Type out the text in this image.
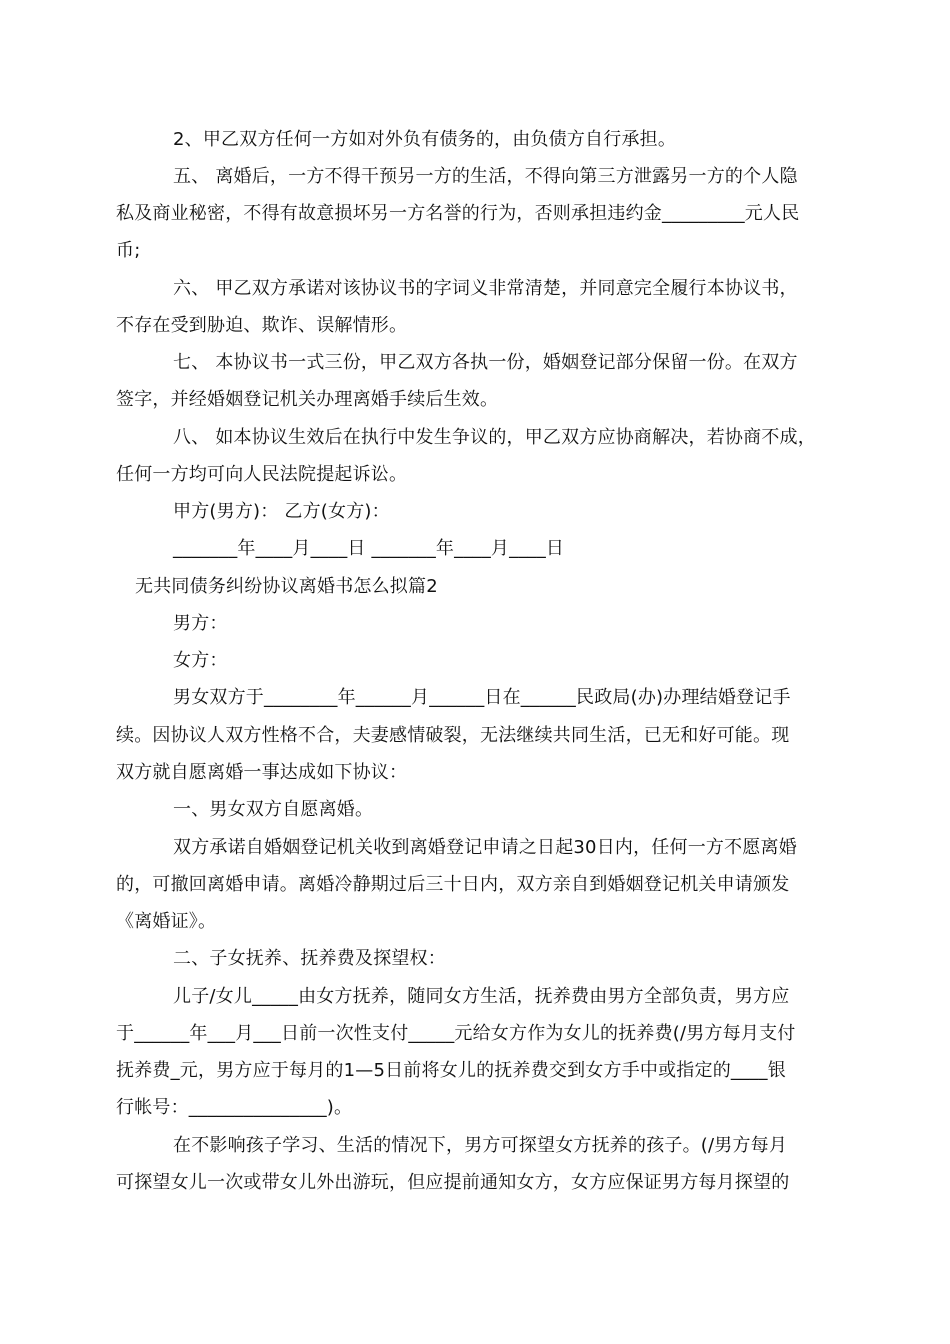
2、甲乙双方任何一方如对外负有债务的，由负债方自行承担。
五、 离婚后，一方不得干预另一方的生活，不得向第三方泄露另一方的个人隐
私及商业秘密，不得有故意损坏另一方名誉的行为，否则承担违约金_________元人民
币;
六、 甲乙双方承诺对该协议书的字词义非常清楚，并同意完全履行本协议书，
不存在受到胁迫、欺诈、误解情形。
七、 本协议书一式三份，甲乙双方各执一份，婚姻登记部分保留一份。在双方
签字，并经婚姻登记机关办理离婚手续后生效。
八、 如本协议生效后在执行中发生争议的，甲乙双方应协商解决，若协商不成，
任何一方均可向人民法院提起诉讼。
甲方(男方)： 乙方(女方)：
_______年____月____日 _______年____月____日
无共同债务纠纷协议离婚书怎么拟篇2
男方：
女方：
男女双方于________年______月______日在______民政局(办)办理结婚登记手
续。因协议人双方性格不合，夫妻感情破裂，无法继续共同生活，已无和好可能。现
双方就自愿离婚一事达成如下协议：
一、男女双方自愿离婚。
双方承诺自婚姻登记机关收到离婚登记申请之日起30日内，任何一方不愿离婚
的，可撤回离婚申请。离婚冷静期过后三十日内，双方亲自到婚姻登记机关申请颁发
《离婚证》。
二、子女抚养、抚养费及探望权：
儿子/女儿_____由女方抚养，随同女方生活，抚养费由男方全部负责，男方应
于______年___月___日前一次性支付_____元给女方作为女儿的抚养费(/男方每月支付
抚养费_元，男方应于每月的1—5日前将女儿的抚养费交到女方手中或指定的____银
行帐号：_______________)。
在不影响孩子学习、生活的情况下，男方可探望女方抚养的孩子。(/男方每月
可探望女儿一次或带女儿外出游玩，但应提前通知女方，女方应保证男方每月探望的
